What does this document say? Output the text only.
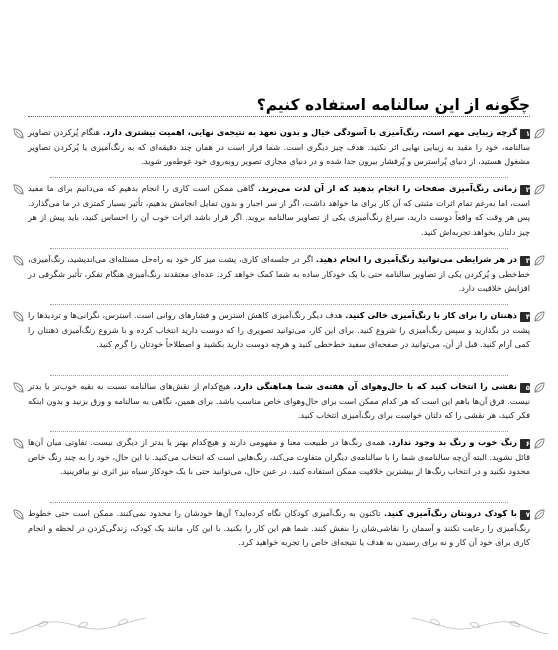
چگونه از این سالنامه استفاده کنیم؟

۱گرچه زیبایی مهم است، رنگ‌آمیزی با آسودگی خیال و بدون تعهد به نتیجه‌ی نهایی، اهمیت بیشتری دارد. هنگام پُرکردن تصاویر سالنامه، خود را مقید به زیبایی نهایی اثر نکنید. هدف چیز دیگری است. شما قرار است در همان چند دقیقه‌ای که به رنگ‌آمیزی یا پُرکردن تصاویر مشغول هستید، از دنیای پُراسترس و پُرفشار بیرون جدا شده و در دنیای مجازی تصویر روبه‌روی خود غوطه‌ور شوید.

۲زمانی رنگ‌آمیزی صفحات را انجام بدهید که از آن لذت می‌برید. گاهی ممکن است کاری را انجام بدهیم که می‌دانیم برای ما مفید است، اما به‌رغم تمام اثرات مثبتی که آن کار برای ما خواهد داشت، اگر از سر اجبار و بدون تمایل انجامش بدهیم، تأثیر بسیار کمتری در ما می‌گذارد. پس هر وقت که واقعاً دوست دارید، سراغ رنگ‌آمیزی یکی از تصاویر سالنامه بروید. اگر قرار باشد اثرات خوب آن را احساس کنید، باید پیش از هر چیز دلتان بخواهد تجربه‌اش کنید.

۳در هر شرایطی می‌توانید رنگ‌آمیزی را انجام دهید. اگر در جلسه‌ای کاری، پشت میز کار خود به راه‌حل مسئله‌ای می‌اندیشید، رنگ‌آمیزی، خط‌خطی و پُرکردن یکی از تصاویر سالنامه حتی با یک خودکار ساده به شما کمک خواهد کرد. عده‌ای معتقدند رنگ‌آمیزی هنگام تفکر، تأثیر شگرفی در افزایش خلاقیت دارد.

۴ذهنتان را برای کار با رنگ‌آمیزی خالی کنید. هدف دیگر رنگ‌آمیزی کاهش استرس و فشارهای روانی است. استرس، نگرانی‌ها و تردیدها را پشت در بگذارید و سپس رنگ‌آمیزی را شروع کنید. برای این کار، می‌توانید تصویری را که دوست دارید انتخاب کرده و با شروع رنگ‌آمیزی ذهنتان را کمی آرام کنید. قبل از آن، می‌توانید در صفحه‌ای سفید خط‌خطی کنید و هرچه دوست دارید بکشید و اصطلاحاً خودتان را گرم کنید.

۵نقشی را انتخاب کنید که با حال‌وهوای آن هفته‌ی شما هماهنگی دارد. هیچ‌کدام از نقش‌های سالنامه نسبت به بقیه خوب‌تر یا بدتر نیست. فرق آن‌ها باهم این است که هر کدام ممکن است برای حال‌وهوای خاص مناسب باشد. برای همین، نگاهی به سالنامه و ورق بزنید و بدون اینکه فکر کنید، هر نقشی را که دلتان خواست برای رنگ‌آمیزی انتخاب کنید.

۶رنگ خوب و رنگ بد وجود ندارد. همه‌ی رنگ‌ها در طبیعت معنا و مفهومی دارند و هیچ‌کدام بهتر یا بدتر از دیگری نیست. تفاوتی میان آن‌ها قائل نشوید. البته آن‌چه سالنامه‌ی شما را با سالنامه‌ی دیگران متفاوت می‌کند، رنگ‌هایی است که انتخاب می‌کنید. با این حال، خود را به چند رنگ خاص محدود نکنید و در انتخاب رنگ‌ها از بیشترین خلاقیت ممکن استفاده کنید. در عین حال، می‌توانید حتی با یک خودکار سیاه نیز اثری نو بیافرینید.

۷با کودک درونتان رنگ‌آمیزی کنید. تاکنون به رنگ‌آمیزی کودکان نگاه کرده‌اید؟ آن‌ها خودشان را محدود نمی‌کنند. ممکن است حتی خطوط رنگ‌آمیزی را رعایت نکنند و آسمان را نقاشی‌شان را بنفش کنند. شما هم این کار را بکنید. با این کار، مانند یک کودک، زندگی‌کردن در لحظه و انجام کاری برای خود آن کار و نه برای رسیدن به هدف یا نتیجه‌ای خاص را تجربه خواهید کرد.
